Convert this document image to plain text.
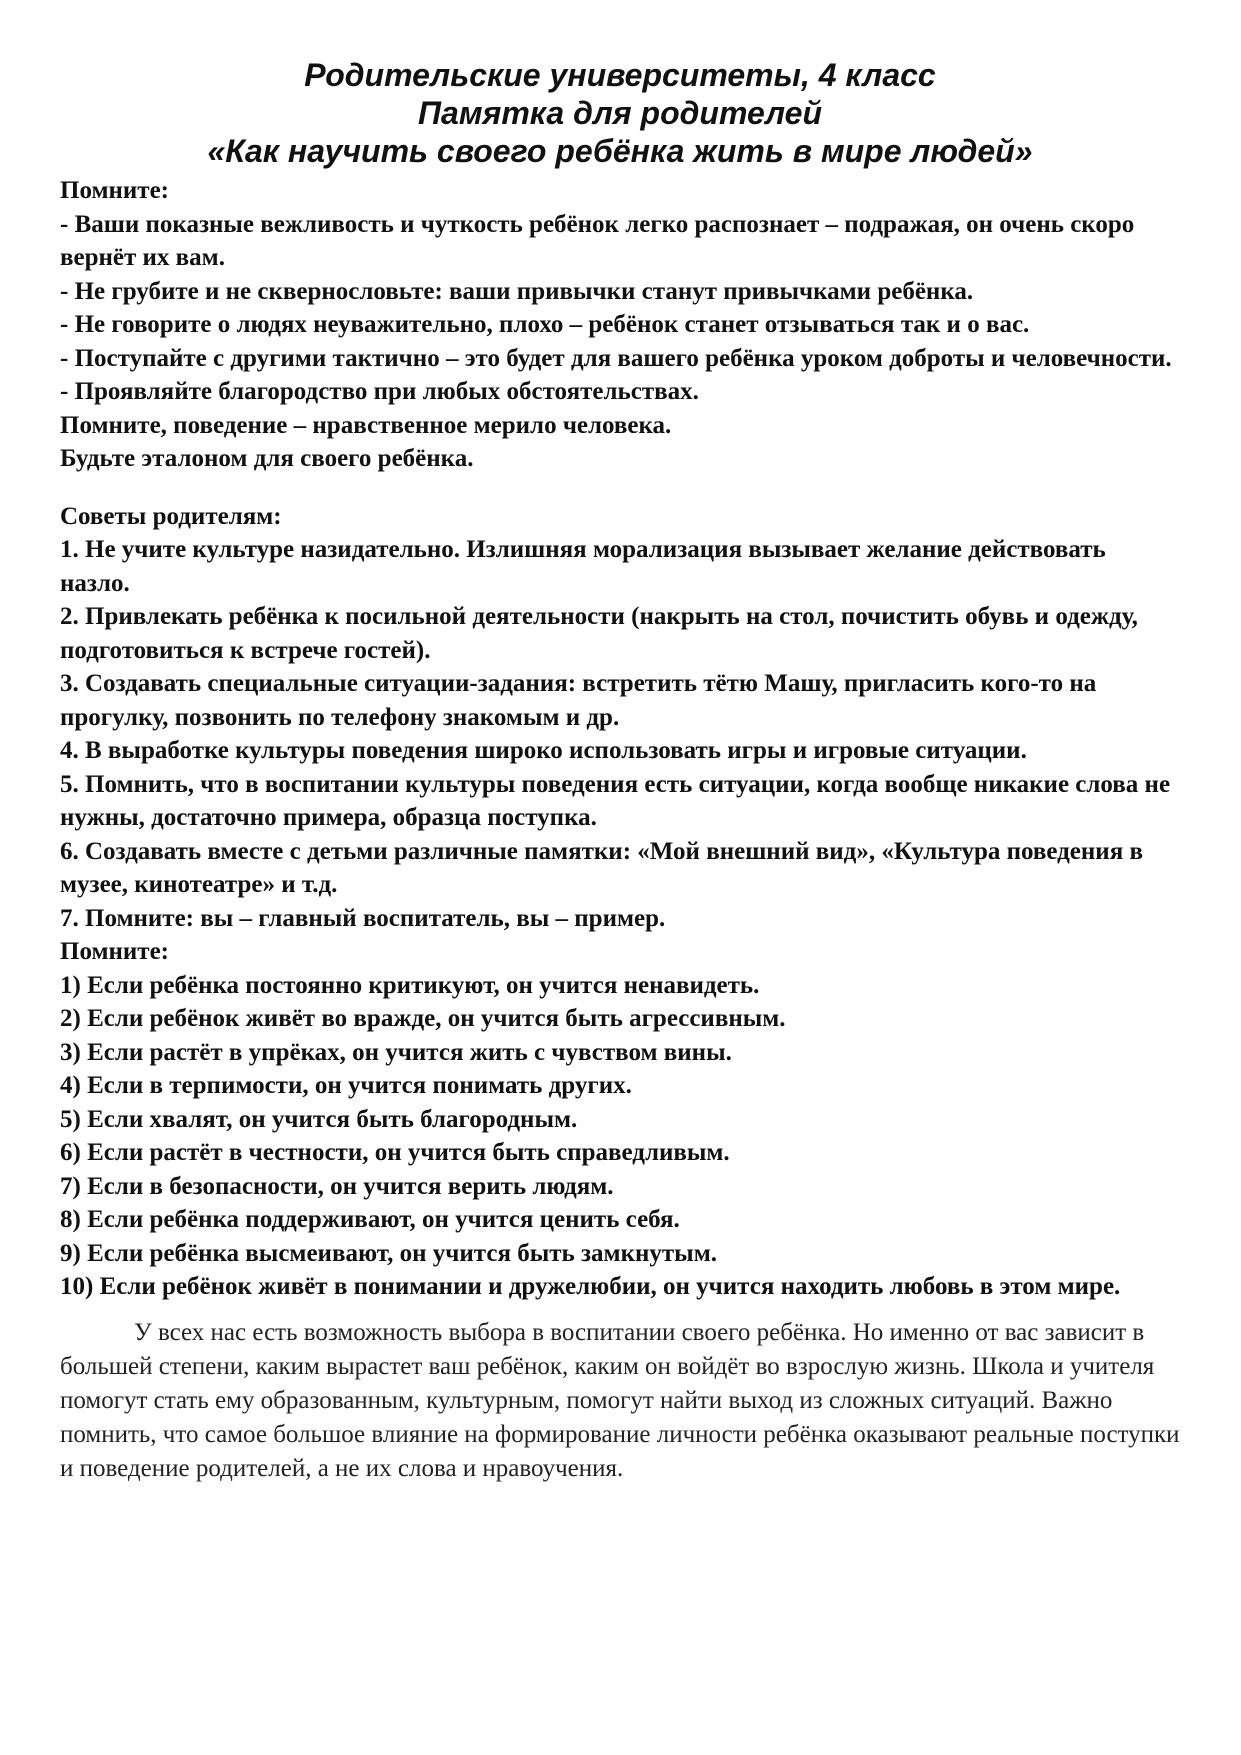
Родительские университеты, 4 класс
Памятка для родителей
«Как научить своего ребёнка жить в мире людей»
Помните:
- Ваши показные вежливость и чуткость ребёнок легко распознает – подражая, он очень скоро вернёт их вам.
- Не грубите и не сквернословьте: ваши привычки станут привычками ребёнка.
- Не говорите о людях неуважительно, плохо – ребёнок станет отзываться так и о вас.
- Поступайте с другими тактично – это будет для вашего ребёнка уроком доброты и человечности.
- Проявляйте благородство при любых обстоятельствах.
Помните, поведение – нравственное мерило человека.
Будьте эталоном для своего ребёнка.
Советы родителям:
1. Не учите культуре назидательно. Излишняя морализация вызывает желание действовать назло.
2. Привлекать ребёнка к посильной деятельности (накрыть на стол, почистить обувь и одежду, подготовиться к встрече гостей).
3. Создавать специальные ситуации-задания: встретить тётю Машу, пригласить кого-то на прогулку, позвонить по телефону знакомым и др.
4. В выработке культуры поведения широко использовать игры и игровые ситуации.
5. Помнить, что в воспитании культуры поведения есть ситуации, когда вообще никакие слова не нужны, достаточно примера, образца поступка.
6. Создавать вместе с детьми различные памятки: «Мой внешний вид», «Культура поведения в музее, кинотеатре» и т.д.
7. Помните: вы – главный воспитатель, вы – пример.
Помните:
1) Если ребёнка постоянно критикуют, он учится ненавидеть.
2) Если ребёнок живёт во вражде, он учится быть агрессивным.
3) Если растёт в упрёках, он учится жить с чувством вины.
4) Если в терпимости, он учится понимать других.
5) Если хвалят, он учится быть благородным.
6) Если растёт в честности, он учится быть справедливым.
7) Если в безопасности, он учится верить людям.
8) Если ребёнка поддерживают, он учится ценить себя.
9) Если ребёнка высмеивают, он учится быть замкнутым.
10) Если ребёнок живёт в понимании и дружелюбии, он учится находить любовь в этом мире.

У всех нас есть возможность выбора в воспитании своего ребёнка. Но именно от вас зависит в большей степени, каким вырастет ваш ребёнок, каким он войдёт во взрослую жизнь. Школа и учителя помогут стать ему образованным, культурным, помогут найти выход из сложных ситуаций. Важно помнить, что самое большое влияние на формирование личности ребёнка оказывают реальные поступки и поведение родителей, а не их слова и нравоучения.
